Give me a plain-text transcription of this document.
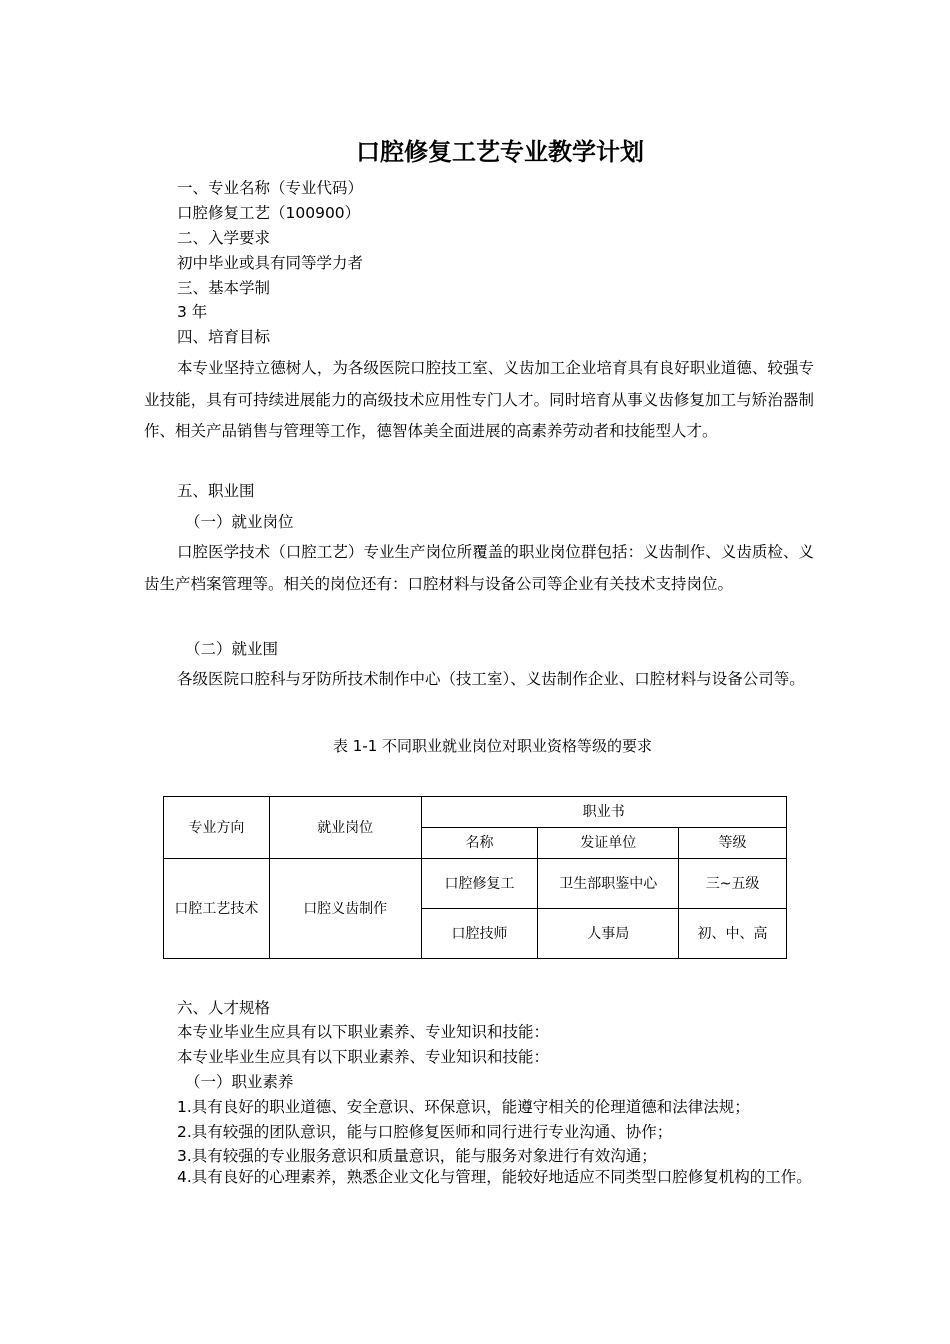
口腔修复工艺专业教学计划
一、专业名称（专业代码）
口腔修复工艺（100900）
二、入学要求
初中毕业或具有同等学力者
三、基本学制
3 年
四、培育目标
本专业坚持立德树人，为各级医院口腔技工室、义齿加工企业培育具有良好职业道德、较强专业技能，具有可持续进展能力的高级技术应用性专门人才。同时培育从事义齿修复加工与矫治器制作、相关产品销售与管理等工作，德智体美全面进展的高素养劳动者和技能型人才。
五、职业围
（一）就业岗位
口腔医学技术（口腔工艺）专业生产岗位所覆盖的职业岗位群包括：义齿制作、义齿质检、义齿生产档案管理等。相关的岗位还有：口腔材料与设备公司等企业有关技术支持岗位。
（二）就业围
各级医院口腔科与牙防所技术制作中心（技工室）、义齿制作企业、口腔材料与设备公司等。
表 1-1 不同职业就业岗位对职业资格等级的要求
专业方向	就业岗位	职业书		
		名称	发证单位	等级
口腔工艺技术	口腔义齿制作	口腔修复工	卫生部职鉴中心	三~五级
		口腔技师	人事局	初、中、高
六、人才规格
本专业毕业生应具有以下职业素养、专业知识和技能：
本专业毕业生应具有以下职业素养、专业知识和技能：
（一）职业素养
1.具有良好的职业道德、安全意识、环保意识，能遵守相关的伦理道德和法律法规；
2.具有较强的团队意识，能与口腔修复医师和同行进行专业沟通、协作；
3.具有较强的专业服务意识和质量意识，能与服务对象进行有效沟通；
4.具有良好的心理素养，熟悉企业文化与管理，能较好地适应不同类型口腔修复机构的工作。
